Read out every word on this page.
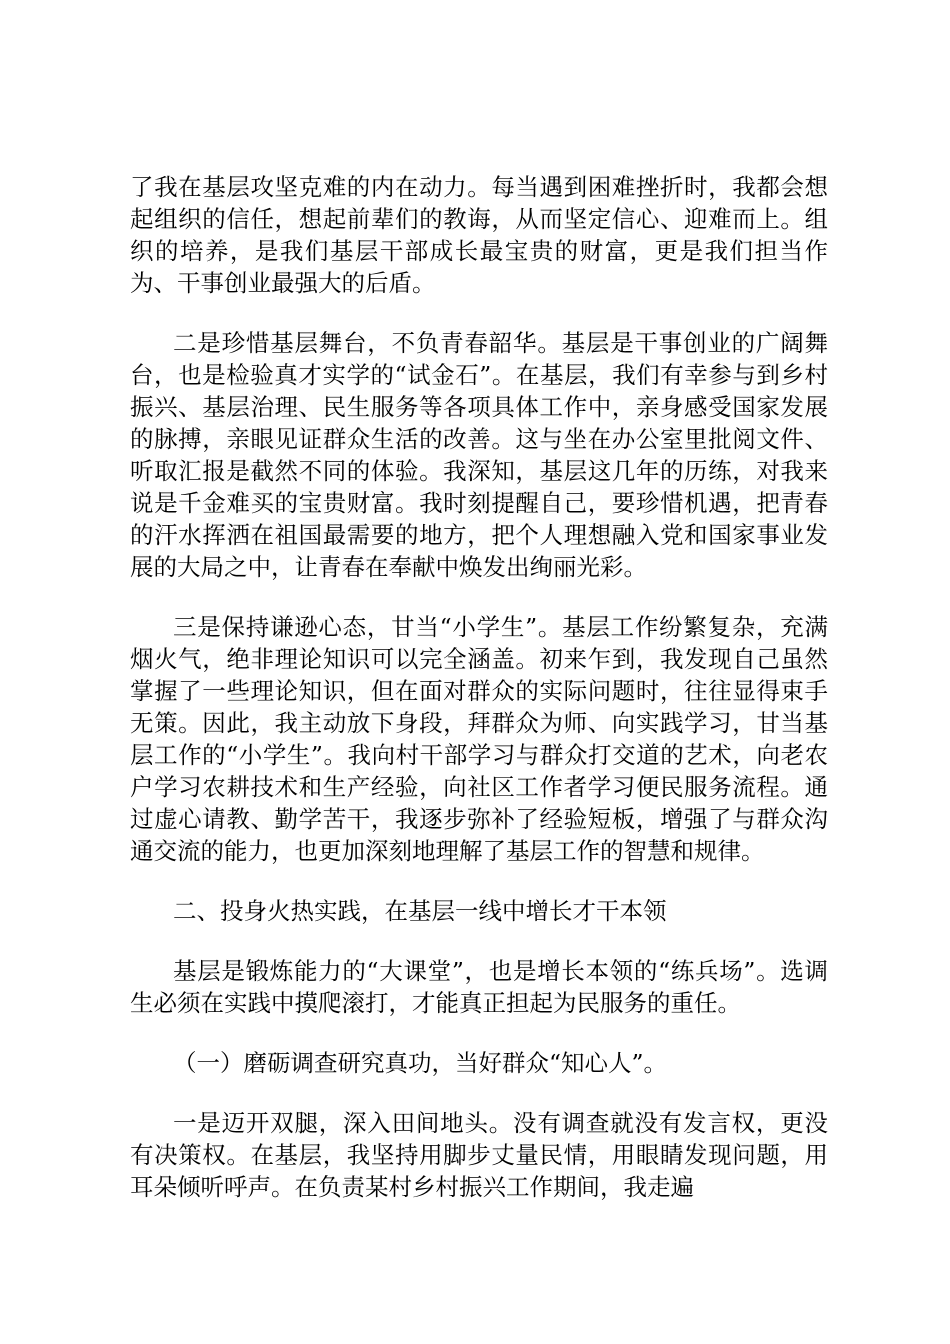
了我在基层攻坚克难的内在动力。每当遇到困难挫折时，我都会想起组织的信任，想起前辈们的教诲，从而坚定信心、迎难而上。组织的培养，是我们基层干部成长最宝贵的财富，更是我们担当作为、干事创业最强大的后盾。

二是珍惜基层舞台，不负青春韶华。基层是干事创业的广阔舞台，也是检验真才实学的“试金石”。在基层，我们有幸参与到乡村振兴、基层治理、民生服务等各项具体工作中，亲身感受国家发展的脉搏，亲眼见证群众生活的改善。这与坐在办公室里批阅文件、听取汇报是截然不同的体验。我深知，基层这几年的历练，对我来说是千金难买的宝贵财富。我时刻提醒自己，要珍惜机遇，把青春的汗水挥洒在祖国最需要的地方，把个人理想融入党和国家事业发展的大局之中，让青春在奉献中焕发出绚丽光彩。

三是保持谦逊心态，甘当“小学生”。基层工作纷繁复杂，充满烟火气，绝非理论知识可以完全涵盖。初来乍到，我发现自己虽然掌握了一些理论知识，但在面对群众的实际问题时，往往显得束手无策。因此，我主动放下身段，拜群众为师、向实践学习，甘当基层工作的“小学生”。我向村干部学习与群众打交道的艺术，向老农户学习农耕技术和生产经验，向社区工作者学习便民服务流程。通过虚心请教、勤学苦干，我逐步弥补了经验短板，增强了与群众沟通交流的能力，也更加深刻地理解了基层工作的智慧和规律。

二、投身火热实践，在基层一线中增长才干本领

基层是锻炼能力的“大课堂”，也是增长本领的“练兵场”。选调生必须在实践中摸爬滚打，才能真正担起为民服务的重任。

（一）磨砺调查研究真功，当好群众“知心人”。

一是迈开双腿，深入田间地头。没有调查就没有发言权，更没有决策权。在基层，我坚持用脚步丈量民情，用眼睛发现问题，用耳朵倾听呼声。在负责某村乡村振兴工作期间，我走遍
